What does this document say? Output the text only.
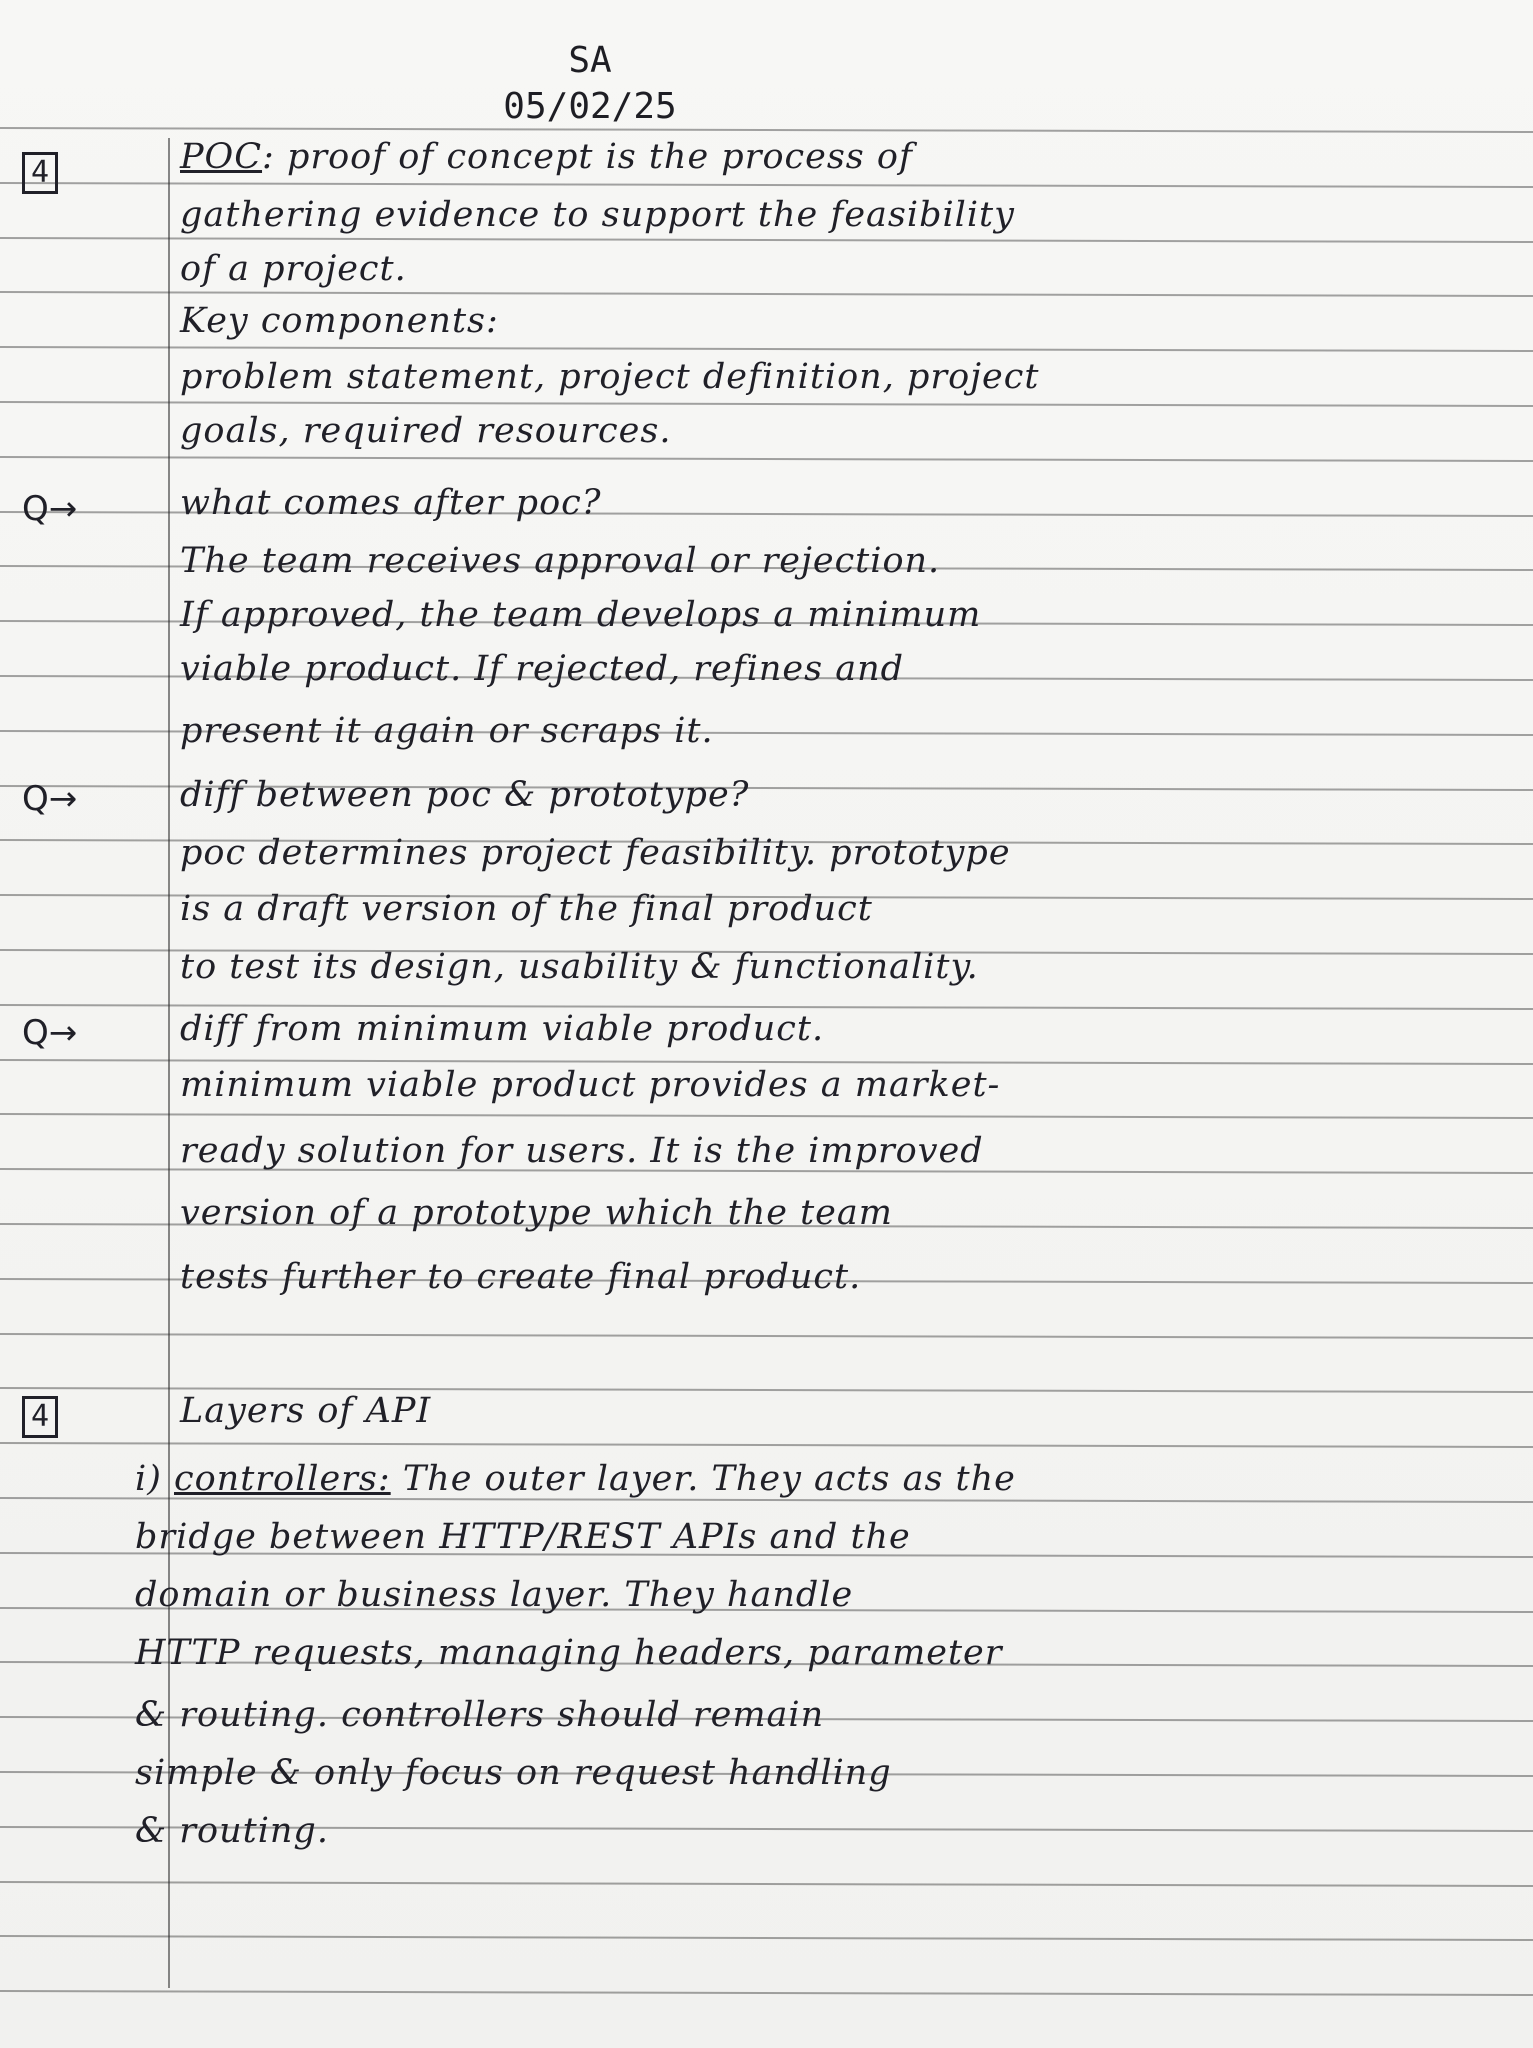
SA
05/02/25
4
Q→
Q→
Q→
4
POC: proof of concept is the process of
gathering evidence to support the feasibility
of a project.
Key components:
problem statement, project definition, project
goals, required resources.
what comes after poc?
The team receives approval or rejection.
If approved, the team develops a minimum
viable product. If rejected, refines and
present it again or scraps it.
diff between poc & prototype?
poc determines project feasibility. prototype
is a draft version of the final product
to test its design, usability & functionality.
diff from minimum viable product.
minimum viable product provides a market-
ready solution for users. It is the improved
version of a prototype which the team
tests further to create final product.
Layers of API
i) controllers: The outer layer. They acts as the
bridge between HTTP/REST APIs and the
domain or business layer. They handle
HTTP requests, managing headers, parameter
& routing. controllers should remain
simple & only focus on request handling
& routing.
